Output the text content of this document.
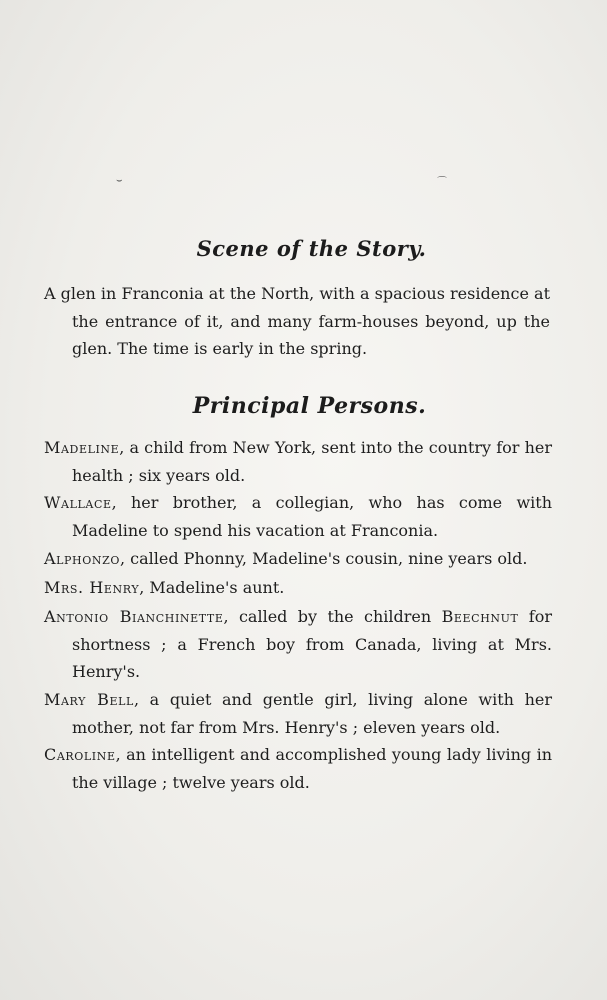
⌣	⌒
Scene of the Story.

A glen in Franconia at the North, with a spacious residence at the entrance of it, and many farm-houses beyond, up the glen. The time is early in the spring.

Principal Persons.

Madeline, a child from New York, sent into the country for her health ; six years old.

Wallace, her brother, a collegian, who has come with Madeline to spend his vacation at Franconia.

Alphonzo, called Phonny, Madeline's cousin, nine years old.

Mrs. Henry, Madeline's aunt.

Antonio Bianchinette, called by the children Beechnut for shortness ; a French boy from Canada, living at Mrs. Henry's.

Mary Bell, a quiet and gentle girl, living alone with her mother, not far from Mrs. Henry's ; eleven years old.

Caroline, an intelligent and accomplished young lady living in the village ; twelve years old.
